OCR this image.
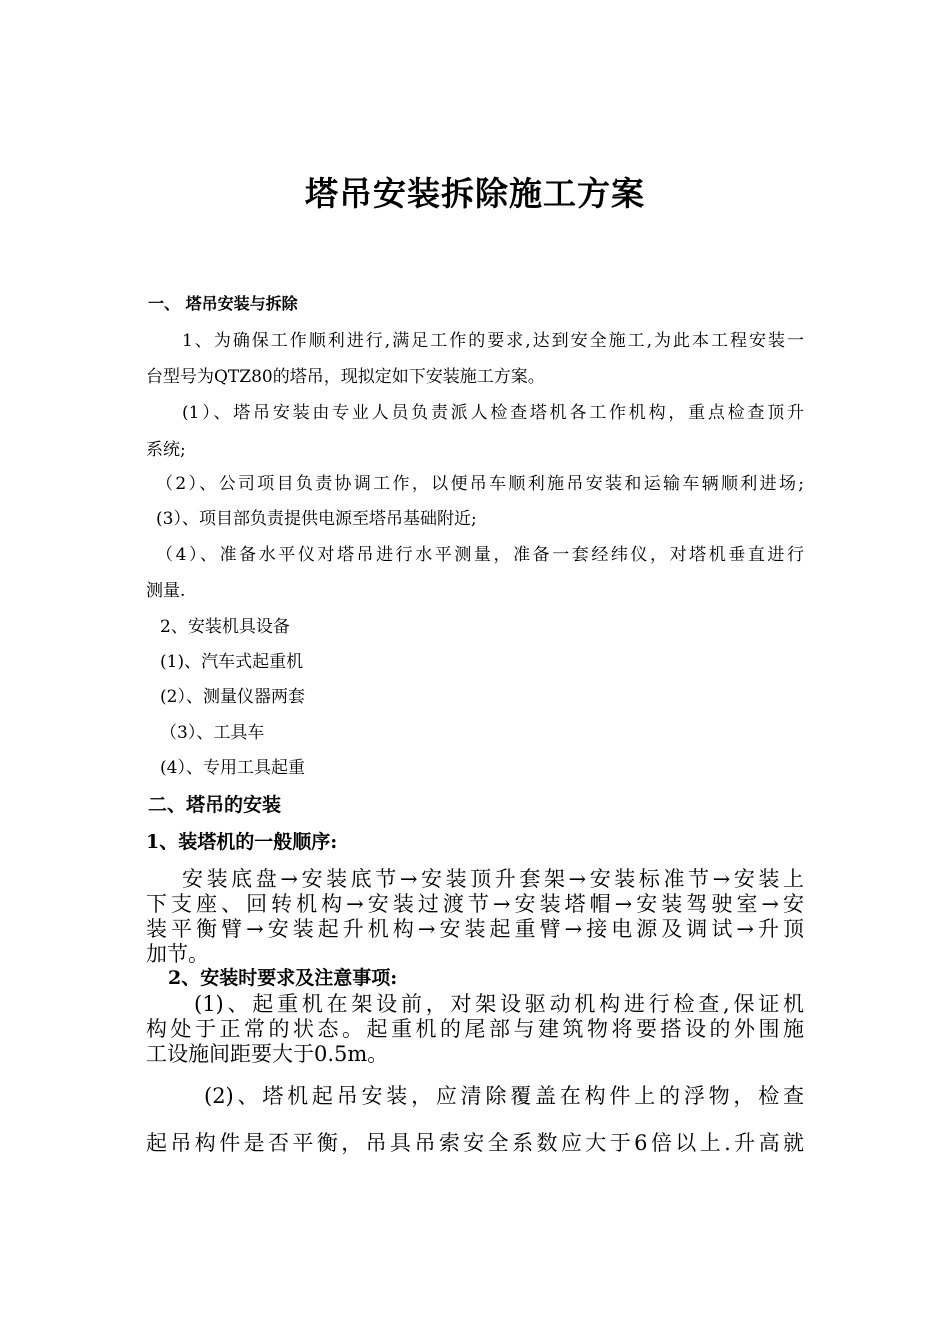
塔吊安装拆除施工方案
一、 塔吊安装与拆除
1、为确保工作顺利进行,满足工作的要求,达到安全施工,为此本工程安装一
台型号为QTZ80的塔吊，现拟定如下安装施工方案。
(1）、塔吊安装由专业人员负责派人检查塔机各工作机构，重点检查顶升
系统;
（2）、公司项目负责协调工作，以便吊车顺利施吊安装和运输车辆顺利进场;
(3）、项目部负责提供电源至塔吊基础附近;
（4）、准备水平仪对塔吊进行水平测量，准备一套经纬仪，对塔机垂直进行
测量.
2、安装机具设备
(1)、汽车式起重机
(2）、测量仪器两套
（3）、工具车
(4）、专用工具起重
二、塔吊的安装
1、装塔机的一般顺序:
安装底盘→安装底节→安装顶升套架→安装标准节→安装上
下支座、回转机构→安装过渡节→安装塔帽→安装驾驶室→安
装平衡臂→安装起升机构→安装起重臂→接电源及调试→升顶
加节。
2、安装时要求及注意事项:
(1)、起重机在架设前，对架设驱动机构进行检查,保证机
构处于正常的状态。起重机的尾部与建筑物将要搭设的外围施
工设施间距要大于0.5m。
(2)、塔机起吊安装，应清除覆盖在构件上的浮物，检查
起吊构件是否平衡，吊具吊索安全系数应大于6倍以上.升高就
